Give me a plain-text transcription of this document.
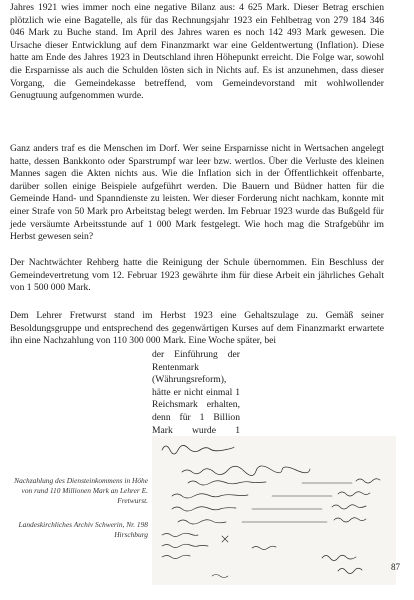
Jahres 1921 wies immer noch eine negative Bilanz aus: 4 625 Mark. Dieser Betrag erschien plötzlich wie eine Bagatelle, als für das Rechnungsjahr 1923 ein Fehlbetrag von 279 184 346 046 Mark zu Buche stand. Im April des Jahres waren es noch 142 493 Mark gewesen. Die Ursache dieser Entwicklung auf dem Finanzmarkt war eine Geldentwertung (Inflation). Diese hatte am Ende des Jahres 1923 in Deutschland ihren Höhepunkt erreicht. Die Folge war, sowohl die Ersparnisse als auch die Schulden lösten sich in Nichts auf. Es ist anzunehmen, dass dieser Vorgang, die Gemeindekasse betreffend, vom Gemeindevorstand mit wohlwollender Genugtuung aufgenommen wurde.

Ganz anders traf es die Menschen im Dorf. Wer seine Ersparnisse nicht in Wertsachen angelegt hatte, dessen Bankkonto oder Sparstrumpf war leer bzw. wertlos. Über die Verluste des kleinen Mannes sagen die Akten nichts aus. Wie die Inflation sich in der Öffentlichkeit offenbarte, darüber sollen einige Beispiele aufgeführt werden. Die Bauern und Büdner hatten für die Gemeinde Hand- und Spanndienste zu leisten. Wer dieser Forderung nicht nachkam, konnte mit einer Strafe von 50 Mark pro Arbeitstag belegt werden. Im Februar 1923 wurde das Bußgeld für jede versäumte Arbeitsstunde auf 1 000 Mark festgelegt. Wie hoch mag die Strafgebühr im Herbst gewesen sein?

Der Nachtwächter Rehberg hatte die Reinigung der Schule übernommen. Ein Beschluss der Gemeindevertretung vom 12. Februar 1923 gewährte ihm für diese Arbeit ein jährliches Gehalt von 1 500 000 Mark.

Dem Lehrer Fretwurst stand im Herbst 1923 eine Gehaltszulage zu. Gemäß seiner Besoldungsgruppe und entsprechend des gegenwärtigen Kurses auf dem Finanzmarkt erwartete ihn eine Nachzahlung von 110 300 000 Mark. Eine Woche später, bei

der Einführung der Rentenmark (Währungsreform), hätte er nicht einmal 1 Reichsmark erhalten, denn für 1 Billion Mark wurde 1

Nachzahlung des Diensteinkommens in Höhe von rund 110 Millionen Mark an Lehrer E. Fretwurst.

Landeskirchliches Archiv Schwerin, Nr. 198 Hirschburg

87
